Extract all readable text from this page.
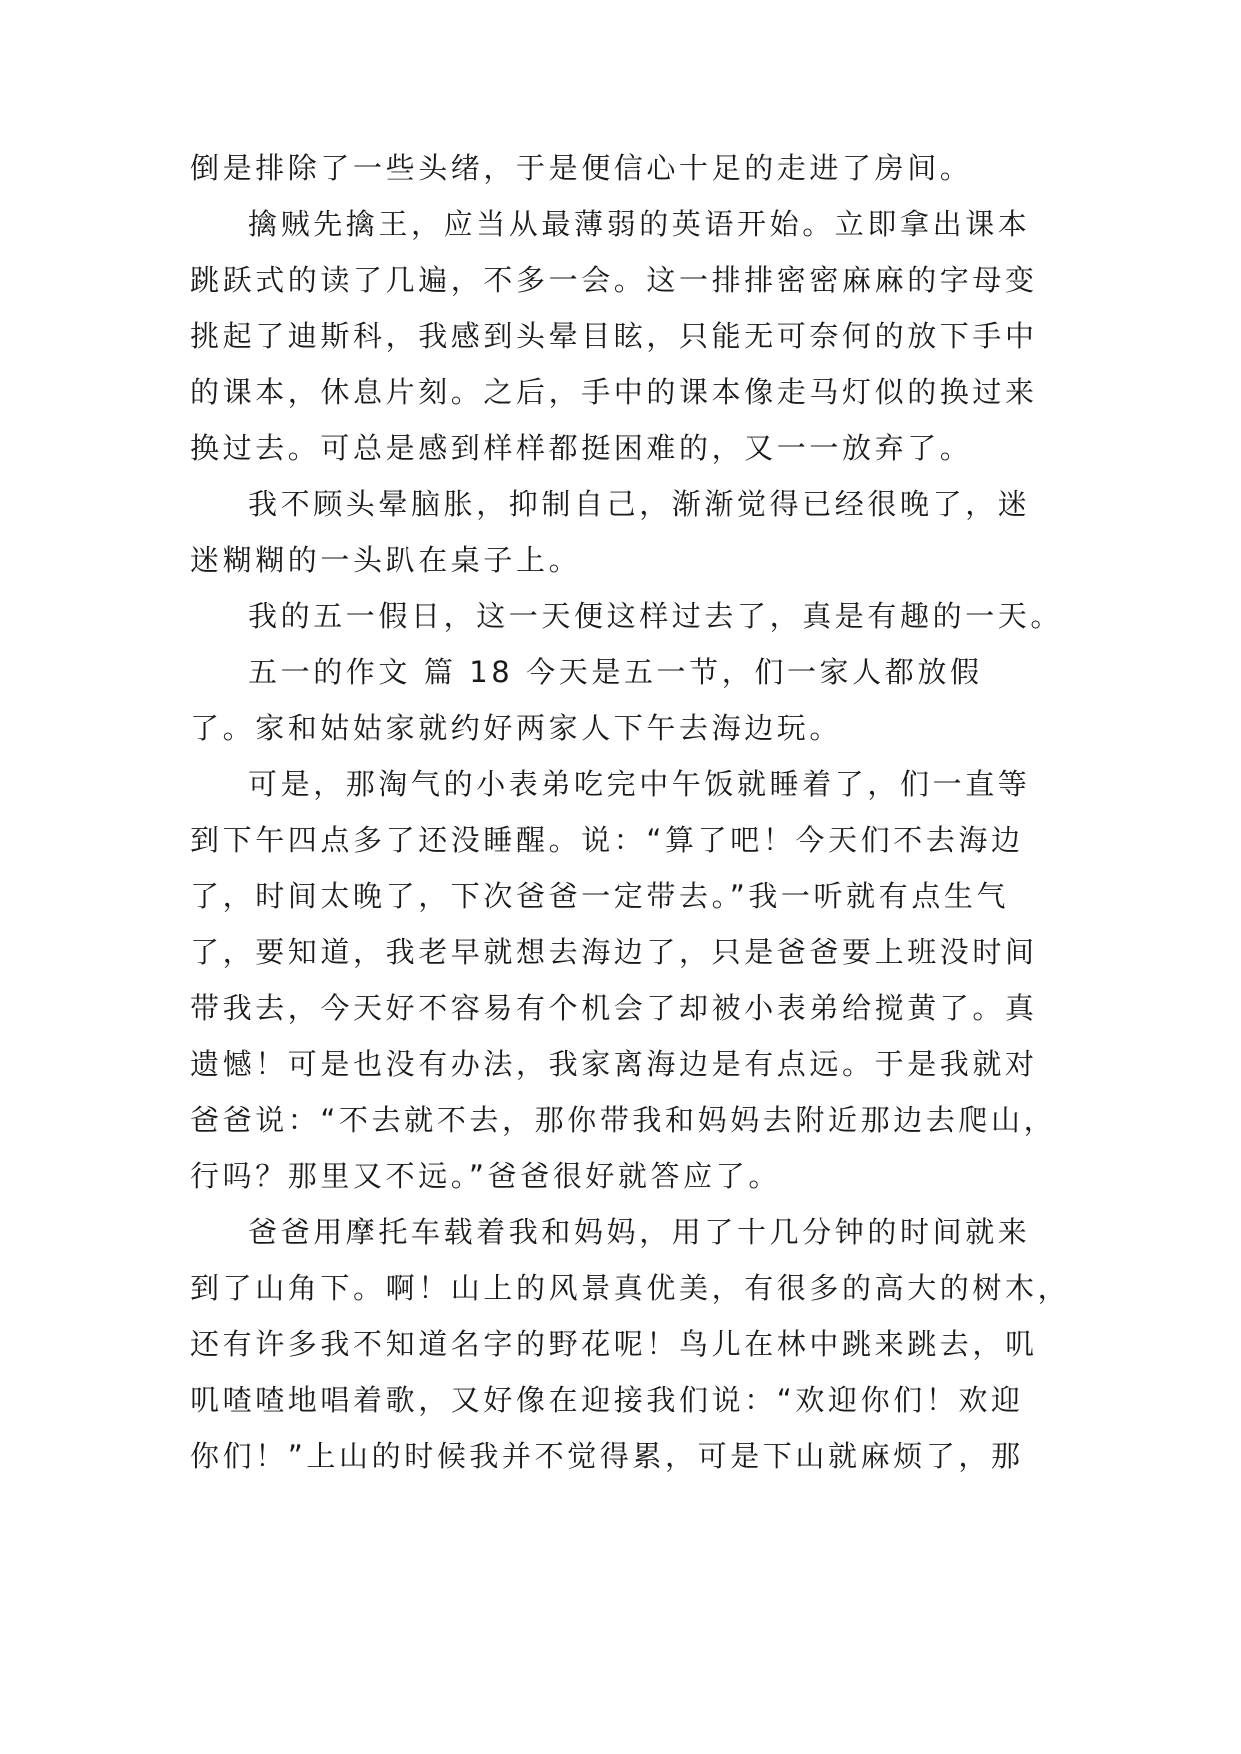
倒是排除了一些头绪，于是便信心十足的走进了房间。
擒贼先擒王，应当从最薄弱的英语开始。立即拿出课本
跳跃式的读了几遍，不多一会。这一排排密密麻麻的字母变
挑起了迪斯科，我感到头晕目眩，只能无可奈何的放下手中
的课本，休息片刻。之后，手中的课本像走马灯似的换过来
换过去。可总是感到样样都挺困难的，又一一放弃了。
我不顾头晕脑胀，抑制自己，渐渐觉得已经很晚了，迷
迷糊糊的一头趴在桌子上。
我的五一假日，这一天便这样过去了，真是有趣的一天。
五一的作文 篇 18 今天是五一节，们一家人都放假
了。家和姑姑家就约好两家人下午去海边玩。
可是，那淘气的小表弟吃完中午饭就睡着了，们一直等
到下午四点多了还没睡醒。说：“算了吧！今天们不去海边
了，时间太晚了，下次爸爸一定带去。”我一听就有点生气
了，要知道，我老早就想去海边了，只是爸爸要上班没时间
带我去，今天好不容易有个机会了却被小表弟给搅黄了。真
遗憾！可是也没有办法，我家离海边是有点远。于是我就对
爸爸说：“不去就不去，那你带我和妈妈去附近那边去爬山，
行吗？那里又不远。”爸爸很好就答应了。
爸爸用摩托车载着我和妈妈，用了十几分钟的时间就来
到了山角下。啊！山上的风景真优美，有很多的高大的树木，
还有许多我不知道名字的野花呢！鸟儿在林中跳来跳去，叽
叽喳喳地唱着歌，又好像在迎接我们说：“欢迎你们！欢迎
你们！”上山的时候我并不觉得累，可是下山就麻烦了，那
